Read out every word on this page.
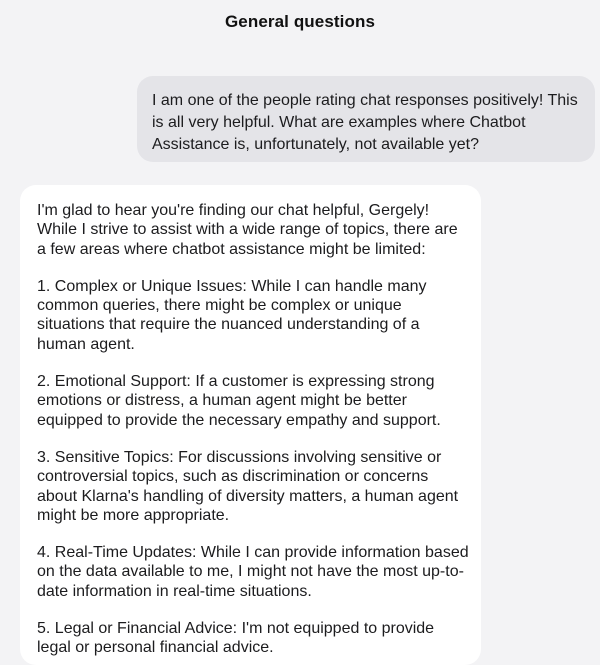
General questions
I am one of the people rating chat responses positively! This is all very helpful. What are examples where Chatbot Assistance is, unfortunately, not available yet?

I'm glad to hear you're finding our chat helpful, Gergely! While I strive to assist with a wide range of topics, there are a few areas where chatbot assistance might be limited:

1. Complex or Unique Issues: While I can handle many common queries, there might be complex or unique situations that require the nuanced understanding of a human agent.

2. Emotional Support: If a customer is expressing strong emotions or distress, a human agent might be better equipped to provide the necessary empathy and support.

3. Sensitive Topics: For discussions involving sensitive or controversial topics, such as discrimination or concerns about Klarna's handling of diversity matters, a human agent might be more appropriate.

4. Real-Time Updates: While I can provide information based on the data available to me, I might not have the most up-to-date information in real-time situations.

5. Legal or Financial Advice: I'm not equipped to provide legal or personal financial advice.
